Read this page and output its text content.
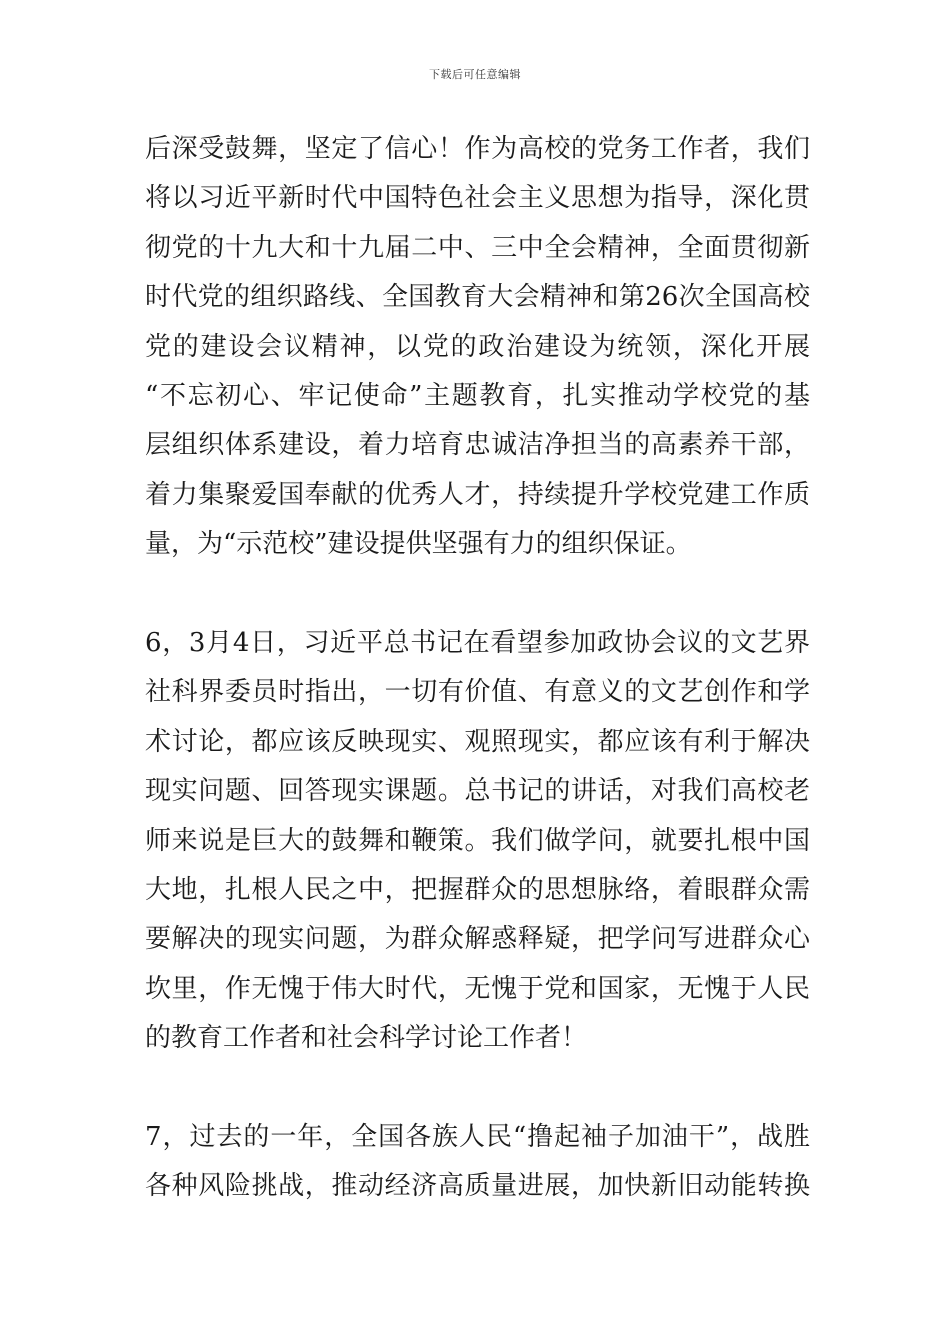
下载后可任意编辑
后深受鼓舞，坚定了信心！作为高校的党务工作者，我们
将以习近平新时代中国特色社会主义思想为指导，深化贯
彻党的十九大和十九届二中、三中全会精神，全面贯彻新
时代党的组织路线、全国教育大会精神和第26次全国高校
党的建设会议精神，以党的政治建设为统领，深化开展
“不忘初心、牢记使命”主题教育，扎实推动学校党的基
层组织体系建设，着力培育忠诚洁净担当的高素养干部，
着力集聚爱国奉献的优秀人才，持续提升学校党建工作质
量，为“示范校”建设提供坚强有力的组织保证。
6，3月4日，习近平总书记在看望参加政协会议的文艺界
社科界委员时指出，一切有价值、有意义的文艺创作和学
术讨论，都应该反映现实、观照现实，都应该有利于解决
现实问题、回答现实课题。总书记的讲话，对我们高校老
师来说是巨大的鼓舞和鞭策。我们做学问，就要扎根中国
大地，扎根人民之中，把握群众的思想脉络，着眼群众需
要解决的现实问题，为群众解惑释疑，把学问写进群众心
坎里，作无愧于伟大时代，无愧于党和国家，无愧于人民
的教育工作者和社会科学讨论工作者！
7，过去的一年，全国各族人民“撸起袖子加油干”，战胜
各种风险挑战，推动经济高质量进展，加快新旧动能转换
